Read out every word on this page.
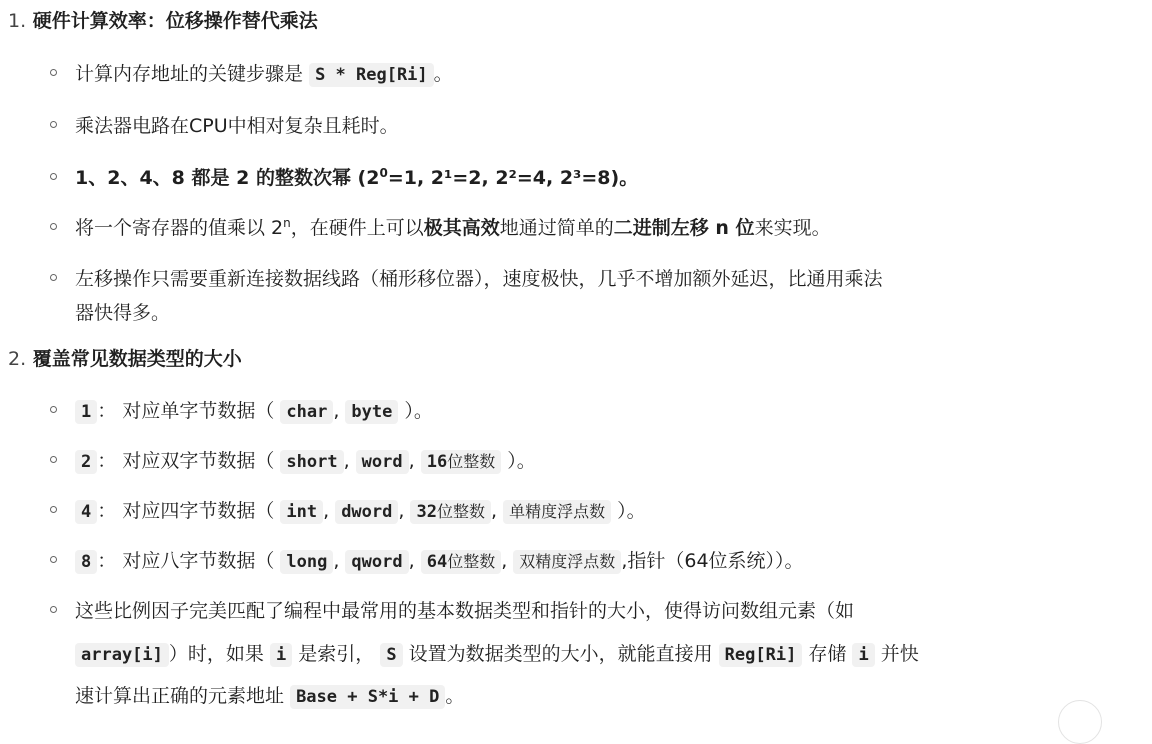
1. 硬件计算效率：位移操作替代乘法
计算内存地址的关键步骤是 S * Reg[Ri] 。
乘法器电路在CPU中相对复杂且耗时。
1、2、4、8 都是 2 的整数次幂 ($2^0=1$, 2¹=2, 2²=4, 2³=8)。
将一个寄存器的值乘以 2$^n$，在硬件上可以极其高效地通过简单的二进制左移 n 位来实现。
左移操作只需要重新连接数据线路（桶形移位器），速度极快，几乎不增加额外延迟，比通用乘法
器快得多。
2. 覆盖常见数据类型的大小
1 ： 对应单字节数据（ char , byte ）。
2 ： 对应双字节数据（ short , word , 16位整数 ）。
4 ： 对应四字节数据（ int , dword , 32位整数 , 单精度浮点数 ）。
8 ： 对应八字节数据（ long , qword , 64位整数 , 双精度浮点数 ,指针（64位系统））。
这些比例因子完美匹配了编程中最常用的基本数据类型和指针的大小，使得访问数组元素（如
array[i] ）时，如果 i 是索引， S 设置为数据类型的大小，就能直接用 Reg[Ri] 存储 i 并快
速计算出正确的元素地址 Base + S*i + D 。
